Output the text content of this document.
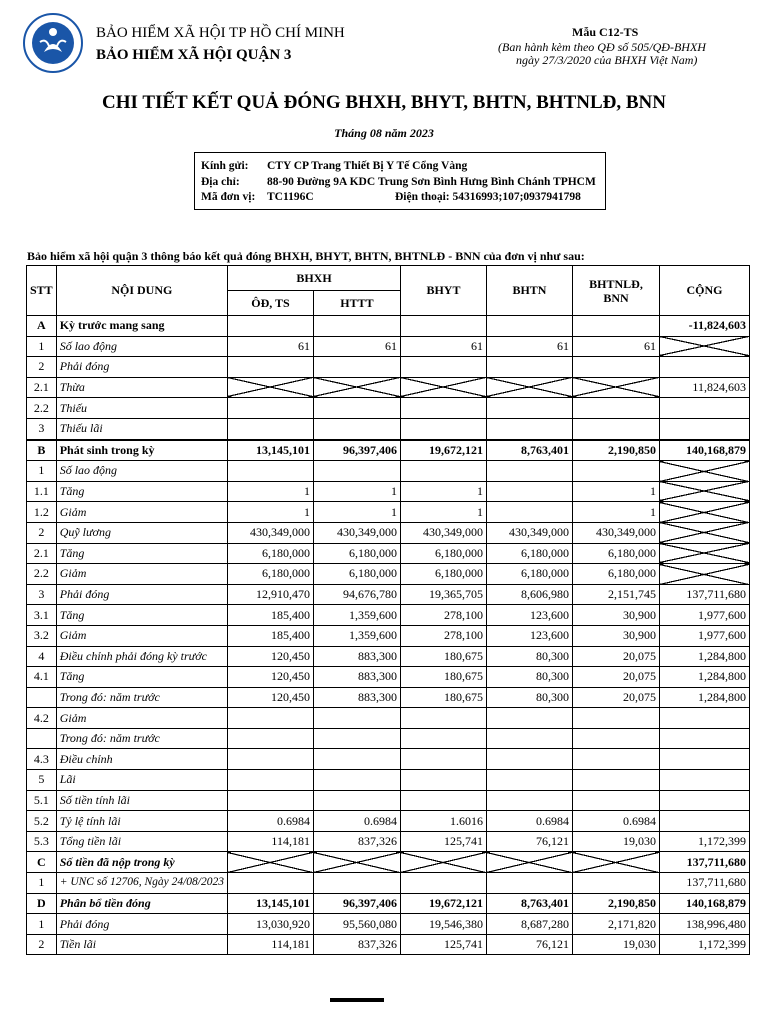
BẢO HIỂM XÃ HỘI TP HỒ CHÍ MINH
BẢO HIỂM XÃ HỘI QUẬN 3
Mẫu C12-TS
(Ban hành kèm theo QĐ số 505/QĐ-BHXH
ngày 27/3/2020 của BHXH Việt Nam)
CHI TIẾT KẾT QUẢ ĐÓNG BHXH, BHYT, BHTN, BHTNLĐ, BNN
Tháng 08 năm 2023
Kính gửi: CTY CP Trang Thiết Bị Y Tế Cổng Vàng
Địa chỉ: 88-90 Đường 9A KDC Trung Sơn Bình Hưng Bình Chánh TPHCM
Mã đơn vị: TC1196C	Điện thoại: 54316993;107;0937941798
Bảo hiểm xã hội quận 3 thông báo kết quả đóng BHXH, BHYT, BHTN, BHTNLĐ - BNN của đơn vị như sau:
STT	NỘI DUNG	BHXH		BHYT	BHTN	BHTNLĐ, BNN	CỘNG
		ÔĐ, TS	HTTT				
A	Kỳ trước mang sang						-11,824,603
1	Số lao động	61	61	61	61	61	
2	Phải đóng						
2.1	Thừa						11,824,603
2.2	Thiếu						
3	Thiếu lãi						
B	Phát sinh trong kỳ	13,145,101	96,397,406	19,672,121	8,763,401	2,190,850	140,168,879
1	Số lao động						
1.1	Tăng	1	1	1		1	
1.2	Giảm	1	1	1		1	
2	Quỹ lương	430,349,000	430,349,000	430,349,000	430,349,000	430,349,000	
2.1	Tăng	6,180,000	6,180,000	6,180,000	6,180,000	6,180,000	
2.2	Giảm	6,180,000	6,180,000	6,180,000	6,180,000	6,180,000	
3	Phải đóng	12,910,470	94,676,780	19,365,705	8,606,980	2,151,745	137,711,680
3.1	Tăng	185,400	1,359,600	278,100	123,600	30,900	1,977,600
3.2	Giảm	185,400	1,359,600	278,100	123,600	30,900	1,977,600
4	Điều chỉnh phải đóng kỳ trước	120,450	883,300	180,675	80,300	20,075	1,284,800
4.1	Tăng	120,450	883,300	180,675	80,300	20,075	1,284,800
	Trong đó: năm trước	120,450	883,300	180,675	80,300	20,075	1,284,800
4.2	Giảm						
	Trong đó: năm trước						
4.3	Điều chỉnh						
5	Lãi						
5.1	Số tiền tính lãi						
5.2	Tỷ lệ tính lãi	0.6984	0.6984	1.6016	0.6984	0.6984	
5.3	Tổng tiền lãi	114,181	837,326	125,741	76,121	19,030	1,172,399
C	Số tiền đã nộp trong kỳ						137,711,680
1	+ UNC số 12706, Ngày 24/08/2023						137,711,680
D	Phân bổ tiền đóng	13,145,101	96,397,406	19,672,121	8,763,401	2,190,850	140,168,879
1	Phải đóng	13,030,920	95,560,080	19,546,380	8,687,280	2,171,820	138,996,480
2	Tiền lãi	114,181	837,326	125,741	76,121	19,030	1,172,399
